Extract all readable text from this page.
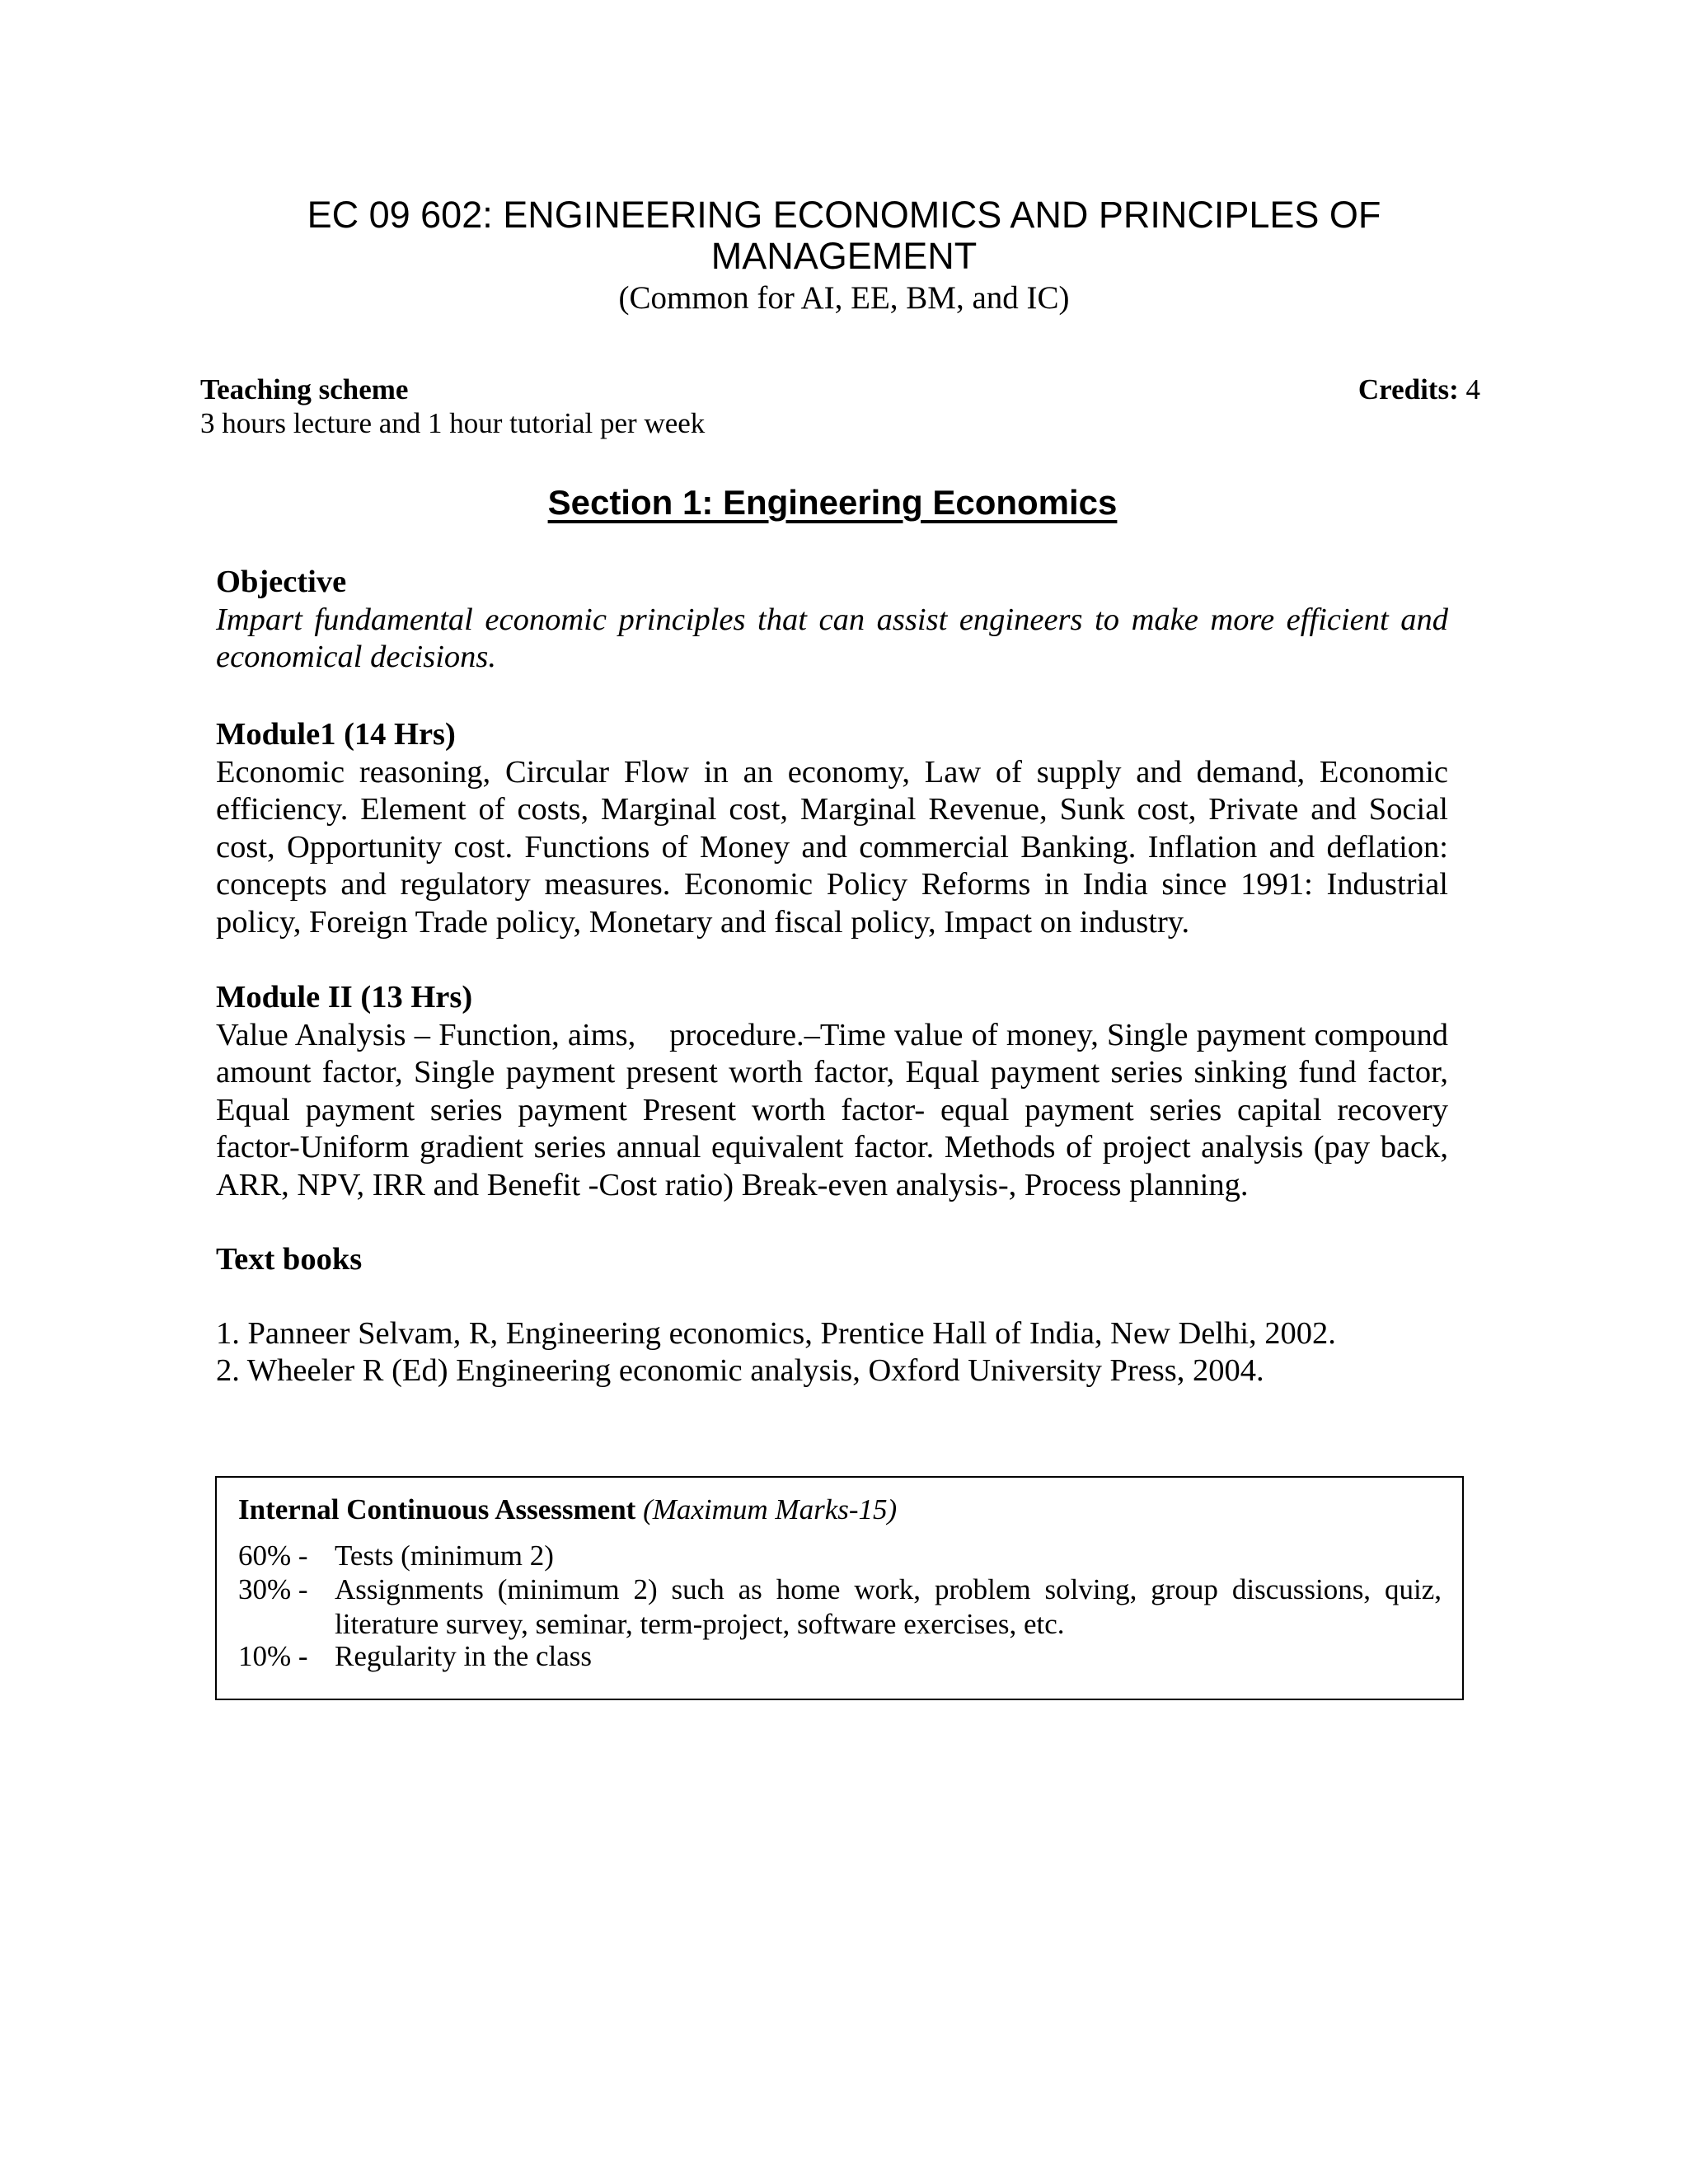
EC 09 602: ENGINEERING ECONOMICS AND PRINCIPLES OF MANAGEMENT
(Common for AI, EE, BM, and IC)
Teaching scheme	Credits: 4
3 hours lecture and 1 hour tutorial per week
Section 1: Engineering Economics
Objective
Impart fundamental economic principles that can assist engineers to make more efficient and economical decisions.
Module1 (14 Hrs)
Economic reasoning, Circular Flow in an economy, Law of supply and demand, Economic efficiency. Element of costs, Marginal cost, Marginal Revenue, Sunk cost, Private and Social cost, Opportunity cost. Functions of Money and commercial Banking. Inflation and deflation: concepts and regulatory measures. Economic Policy Reforms in India since 1991: Industrial policy, Foreign Trade policy, Monetary and fiscal policy, Impact on industry.
Module II (13 Hrs)
Value Analysis – Function, aims,    procedure.–Time value of money, Single payment compound amount factor, Single payment present worth factor, Equal payment series sinking fund factor, Equal payment series payment Present worth factor- equal payment series capital recovery factor-Uniform gradient series annual equivalent factor. Methods of project analysis (pay back, ARR, NPV, IRR and Benefit -Cost ratio) Break-even analysis-, Process planning.
Text books
1. Panneer Selvam, R, Engineering economics, Prentice Hall of India, New Delhi, 2002.
2. Wheeler R (Ed) Engineering economic analysis, Oxford University Press, 2004.
Internal Continuous Assessment (Maximum Marks-15)
60% - Tests (minimum 2)
30% - Assignments (minimum 2) such as home work, problem solving, group discussions, quiz, literature survey, seminar, term-project, software exercises, etc.
10% - Regularity in the class
